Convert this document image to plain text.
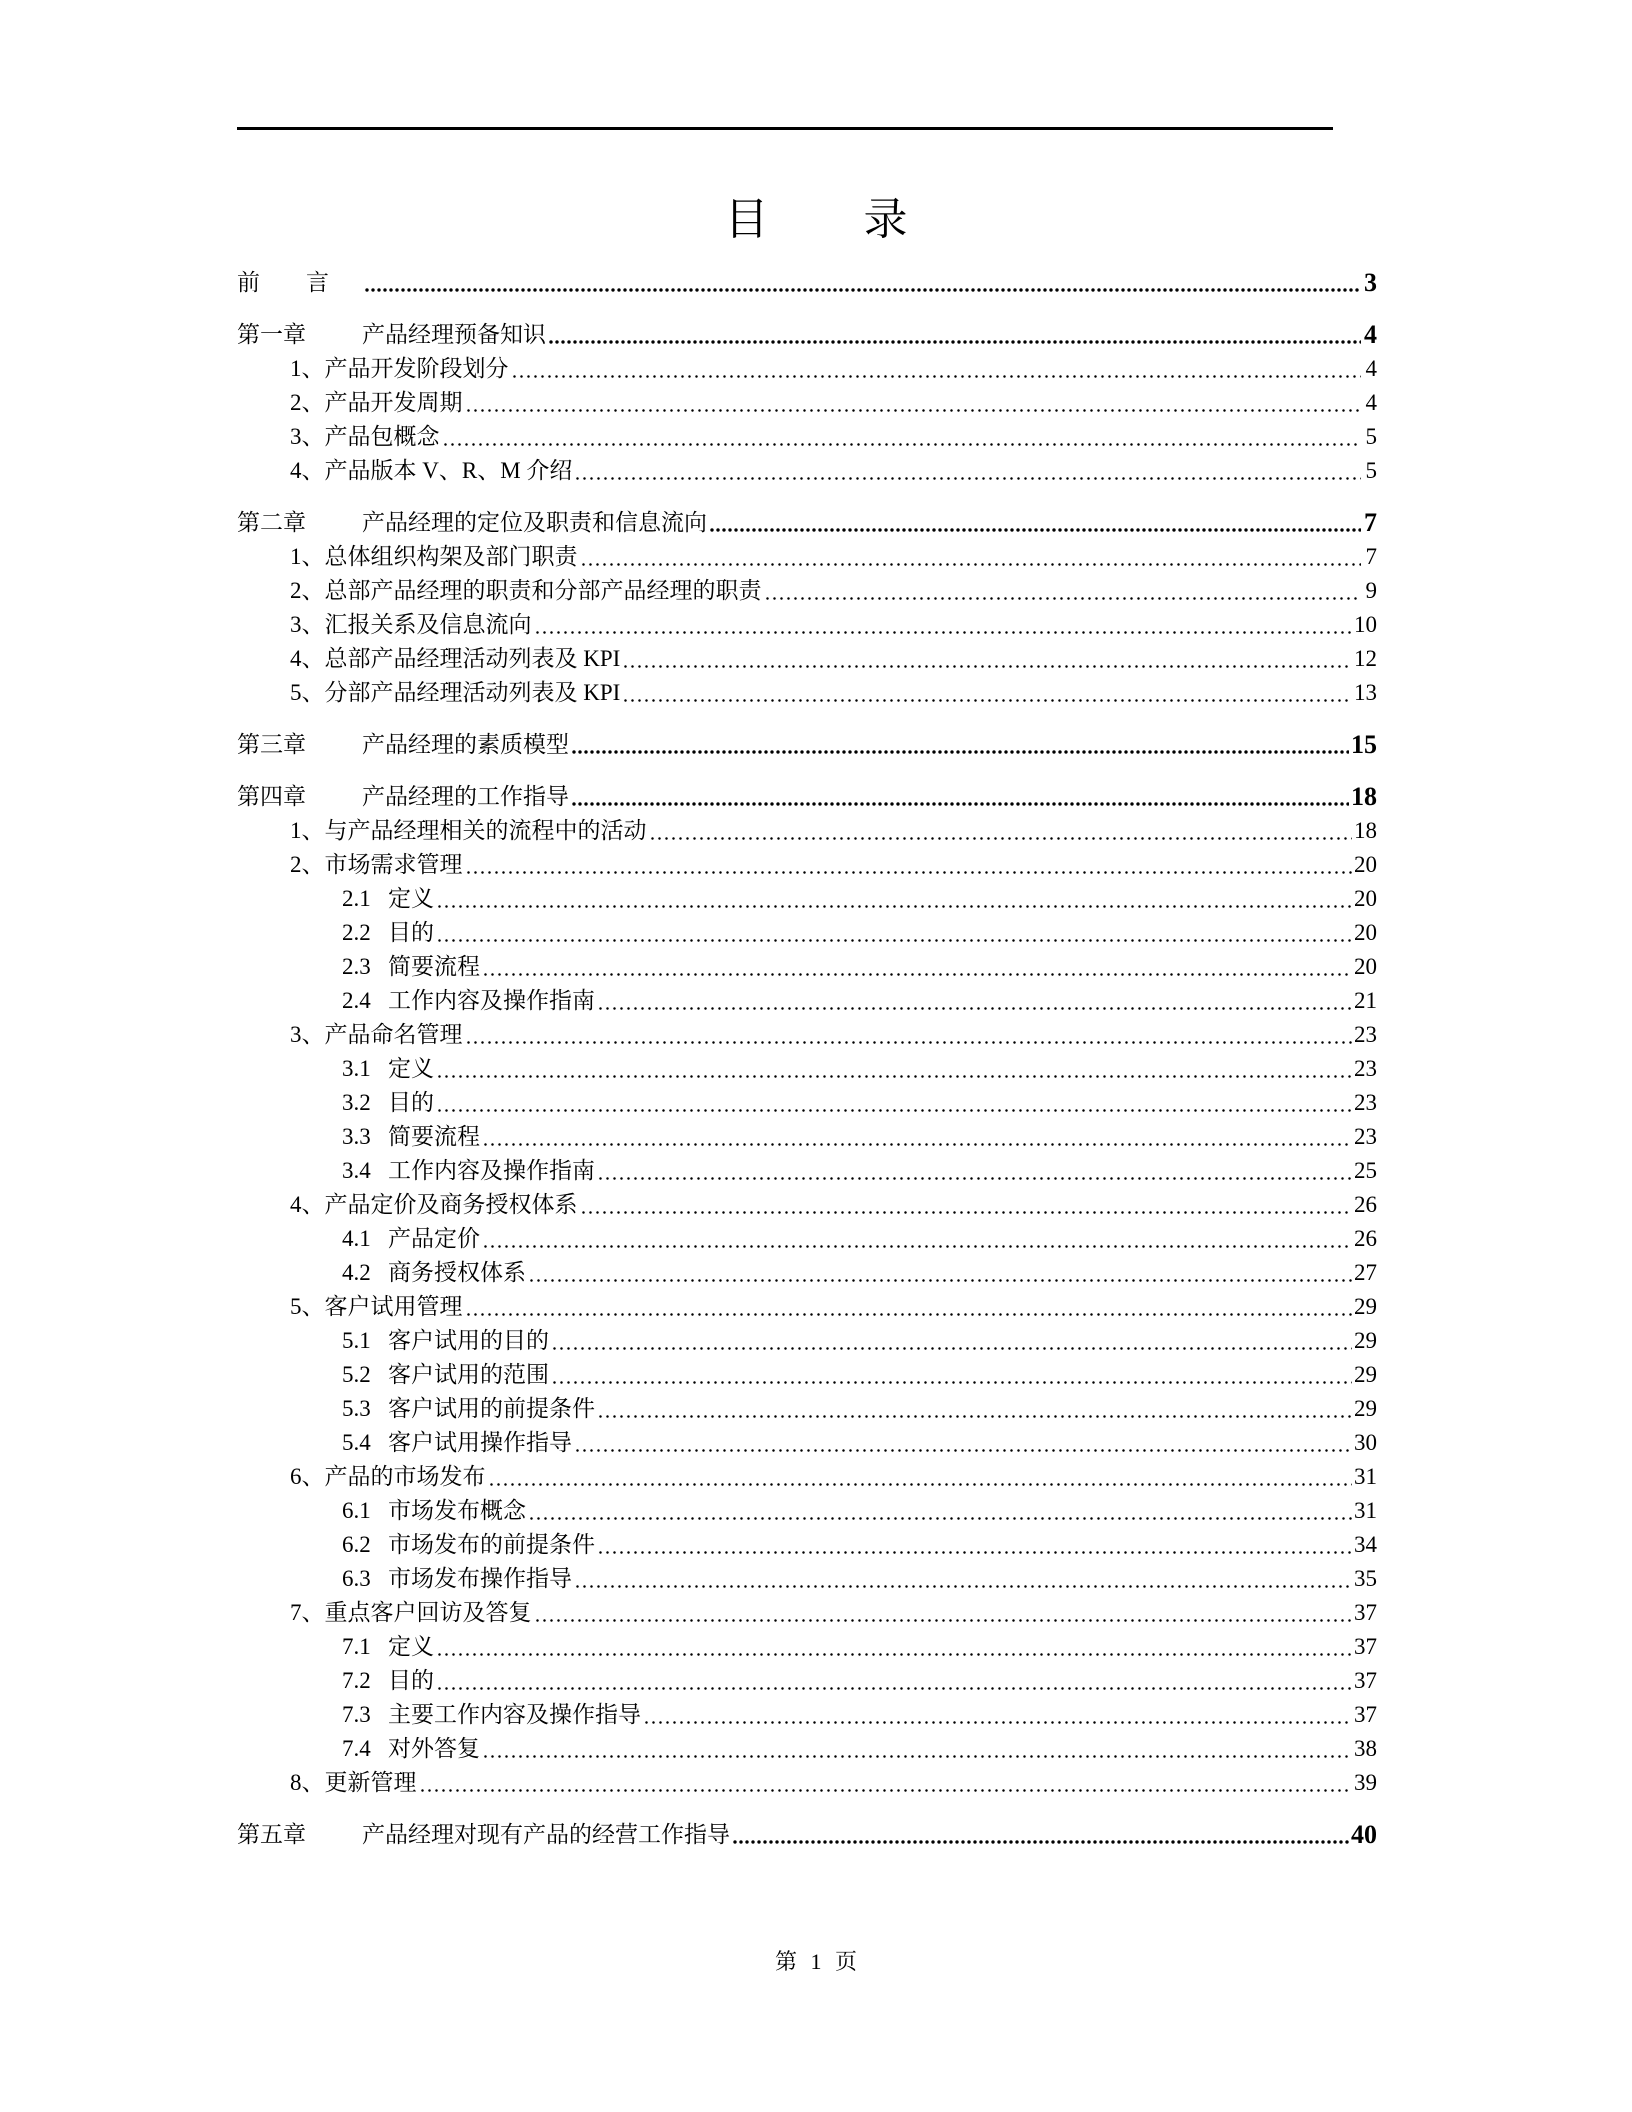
目 录
前　　言	3
第一章 产品经理预备知识	4
1、产品开发阶段划分	4
2、产品开发周期	4
3、产品包概念	5
4、产品版本 V、R、M 介绍	5
第二章 产品经理的定位及职责和信息流向	7
1、总体组织构架及部门职责	7
2、总部产品经理的职责和分部产品经理的职责	9
3、汇报关系及信息流向	10
4、总部产品经理活动列表及 KPI	12
5、分部产品经理活动列表及 KPI	13
第三章 产品经理的素质模型	15
第四章 产品经理的工作指导	18
1、与产品经理相关的流程中的活动	18
2、市场需求管理	20
2.1 定义	20
2.2 目的	20
2.3 简要流程	20
2.4 工作内容及操作指南	21
3、产品命名管理	23
3.1 定义	23
3.2 目的	23
3.3 简要流程	23
3.4 工作内容及操作指南	25
4、产品定价及商务授权体系	26
4.1 产品定价	26
4.2 商务授权体系	27
5、客户试用管理	29
5.1 客户试用的目的	29
5.2 客户试用的范围	29
5.3 客户试用的前提条件	29
5.4 客户试用操作指导	30
6、产品的市场发布	31
6.1 市场发布概念	31
6.2 市场发布的前提条件	34
6.3 市场发布操作指导	35
7、重点客户回访及答复	37
7.1 定义	37
7.2 目的	37
7.3 主要工作内容及操作指导	37
7.4 对外答复	38
8、更新管理	39
第五章 产品经理对现有产品的经营工作指导	40
第 1 页
